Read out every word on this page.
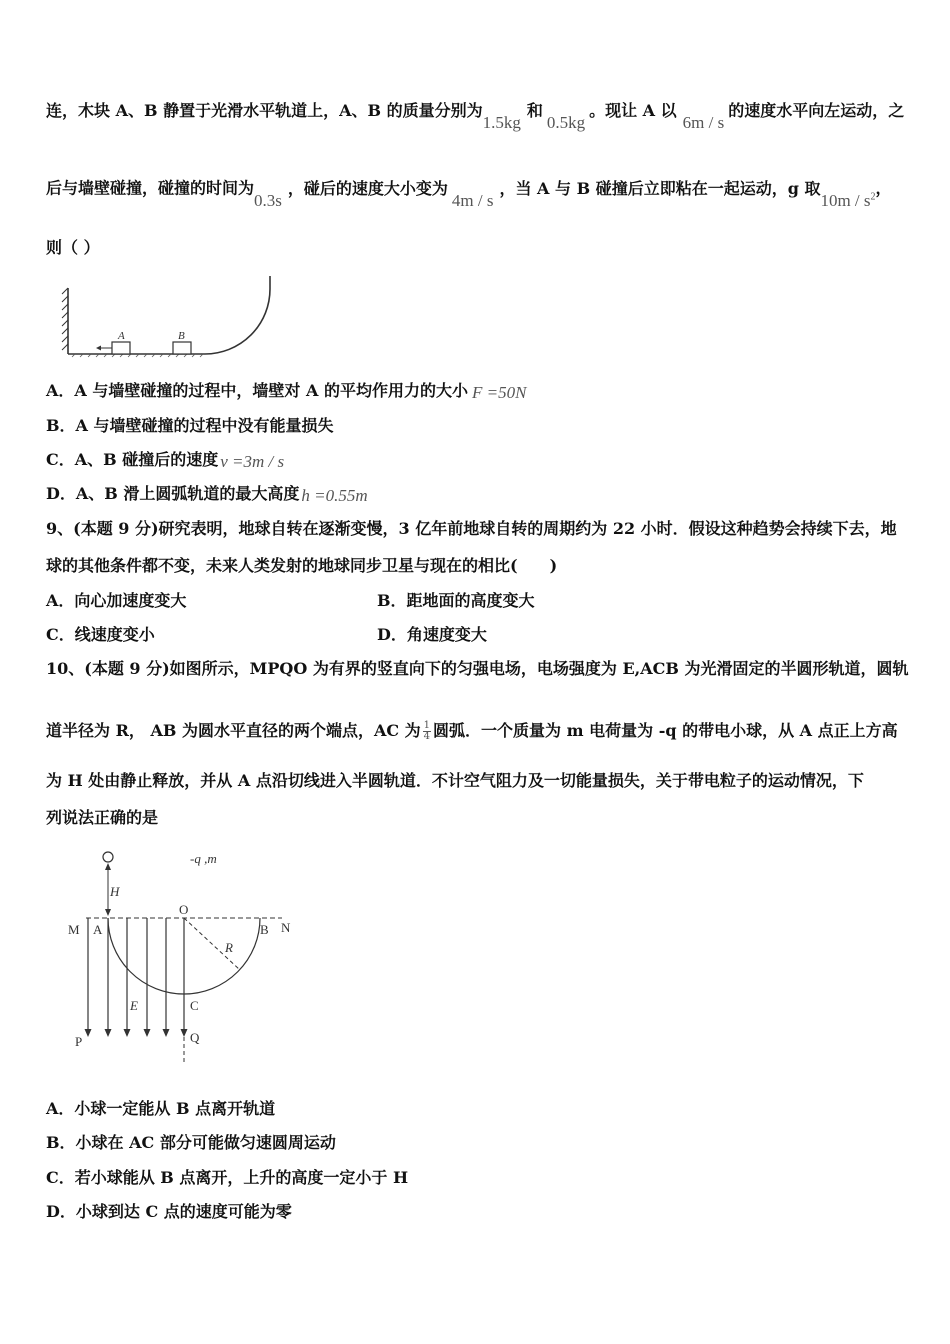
连，木块 A、B 静置于光滑水平轨道上，A、B 的质量分别为1.5kg和0.5kg。现让 A 以6m / s的速度水平向左运动，之
后与墙壁碰撞，碰撞的时间为0.3s，碰后的速度大小变为4m / s，当 A 与 B 碰撞后立即粘在一起运动，g 取$10m / s^2$，
则（ ）
A	B
A．A 与墙壁碰撞的过程中，墙壁对 A 的平均作用力的大小 F =50N
B．A 与墙壁碰撞的过程中没有能量损失
C．A、B 碰撞后的速度 v =3m / s
D．A、B 滑上圆弧轨道的最大高度 h =0.55m
9、(本题 9 分)研究表明，地球自转在逐渐变慢，3 亿年前地球自转的周期约为 22 小时．假设这种趋势会持续下去，地
球的其他条件都不变，未来人类发射的地球同步卫星与现在的相比(　　)
A．向心加速度变大	B．距地面的高度变大
C．线速度变小	D．角速度变大
10、(本题 9 分)如图所示，MPQO 为有界的竖直向下的匀强电场，电场强度为 E,ACB 为光滑固定的半圆形轨道，圆轨
道半径为 R， AB 为圆水平直径的两个端点，AC 为 $\frac{1}{4}$ 圆弧．一个质量为 m 电荷量为 -q 的带电小球，从 A 点正上方高
为 H 处由静止释放，并从 A 点沿切线进入半圆轨道．不计空气阻力及一切能量损失，关于带电粒子的运动情况，下
列说法正确的是
-q ,m
H
O
M A	B N
R
E	C
P	Q
A．小球一定能从 B 点离开轨道
B．小球在 AC 部分可能做匀速圆周运动
C．若小球能从 B 点离开，上升的高度一定小于 H
D．小球到达 C 点的速度可能为零
